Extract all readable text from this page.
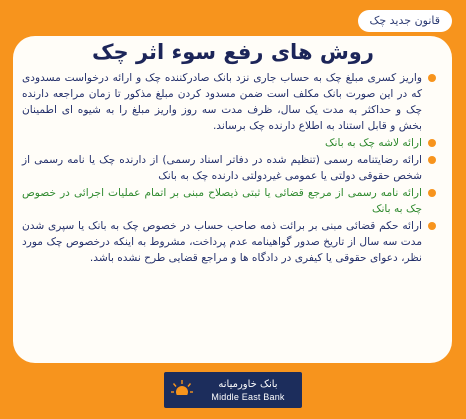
قانون جدید چک
روش های رفع سوء اثر چک
واریز کسری مبلغ چک به حساب جاری نزد بانک صادرکننده چک و ارائه درخواست مسدودی که در این صورت بانک مکلف است ضمن مسدود کردن مبلغ مذکور تا زمان مراجعه دارنده چک و حداکثر به مدت یک سال، ظرف مدت سه روز واریز مبلغ را به شیوه ای اطمینان بخش و قابل استناد به اطلاع دارنده چک برساند.
ارائه لاشه چک به بانک
ارائه رضایتنامه رسمی (تنظیم شده در دفاتر اسناد رسمی) از دارنده چک یا نامه رسمی از شخص حقوقی دولتی یا عمومی غیردولتی دارنده چک به بانک
ارائه نامه رسمی از مرجع قضائی یا ثبتی ذیصلاح مبنی بر اتمام عملیات اجرائی در خصوص چک به بانک
ارائه حکم قضائی مبنی بر برائت ذمه صاحب حساب در خصوص چک به بانک یا سپری شدن مدت سه سال از تاریخ صدور گواهینامه عدم پرداخت، مشروط به اینکه درخصوص چک مورد نظر، دعوای حقوقی یا کیفری در دادگاه ها و مراجع قضایی طرح نشده باشد.
بانک خاورمیانه
Middle East Bank
